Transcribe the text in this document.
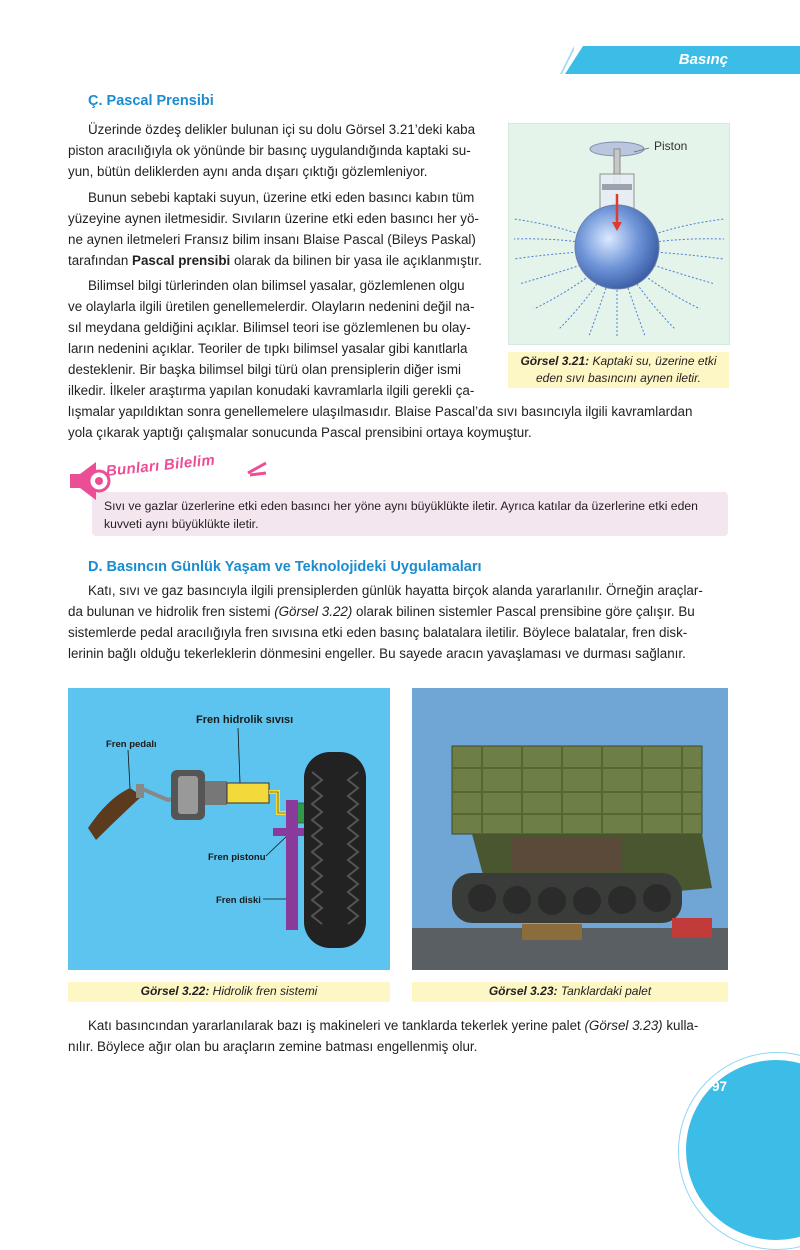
Basınç
Ç. Pascal Prensibi

Üzerinde özdeş delikler bulunan içi su dolu Görsel 3.21’deki kaba
piston aracılığıyla ok yönünde bir basınç uygulandığında kaptaki su-
yun, bütün deliklerden aynı anda dışarı çıktığı gözlemleniyor.

Bunun sebebi kaptaki suyun, üzerine etki eden basıncı kabın tüm
yüzeyine aynen iletmesidir. Sıvıların üzerine etki eden basıncı her yö-
ne aynen iletmeleri Fransız bilim insanı Blaise Pascal (Bileys Paskal)
tarafından Pascal prensibi olarak da bilinen bir yasa ile açıklanmıştır.

Bilimsel bilgi türlerinden olan bilimsel yasalar, gözlemlenen olgu
ve olaylarla ilgili üretilen genellemelerdir. Olayların nedenini değil na-
sıl meydana geldiğini açıklar. Bilimsel teori ise gözlemlenen bu olay-
ların nedenini açıklar. Teoriler de tıpkı bilimsel yasalar gibi kanıtlarla
desteklenir. Bir başka bilimsel bilgi türü olan prensiplerin diğer ismi
ilkedir. İlkeler araştırma yapılan konudaki kavramlarla ilgili gerekli ça-
lışmalar yapıldıktan sonra genellemelere ulaşılmasıdır. Blaise Pascal’da sıvı basıncıyla ilgili kavramlardan
yola çıkarak yaptığı çalışmalar sonucunda Pascal prensibini ortaya koymuştur.

Piston
Görsel 3.21: Kaptaki su, üzerine etki
eden sıvı basıncını aynen iletir.
Bunları Bilelim

Sıvı ve gazlar üzerlerine etki eden basıncı her yöne aynı büyüklükte iletir. Ayrıca katılar da üzerlerine etki eden
kuvveti aynı büyüklükte iletir.

D. Basıncın Günlük Yaşam ve Teknolojideki Uygulamaları

Katı, sıvı ve gaz basıncıyla ilgili prensiplerden günlük hayatta birçok alanda yararlanılır. Örneğin araçlar-
da bulunan ve hidrolik fren sistemi (Görsel 3.22) olarak bilinen sistemler Pascal prensibine göre çalışır. Bu
sistemlerde pedal aracılığıyla fren sıvısına etki eden basınç balatalara iletilir. Böylece balatalar, fren disk-
lerinin bağlı olduğu tekerleklerin dönmesini engeller. Bu sayede aracın yavaşlaması ve durması sağlanır.

Fren hidrolik sıvısı
Fren pedalı
Fren pistonu
Fren diski
Görsel 3.22: Hidrolik fren sistemi	Görsel 3.23: Tanklardaki palet

Katı basıncından yararlanılarak bazı iş makineleri ve tanklarda tekerlek yerine palet (Görsel 3.23) kulla-
nılır. Böylece ağır olan bu araçların zemine batması engellenmiş olur.

97
